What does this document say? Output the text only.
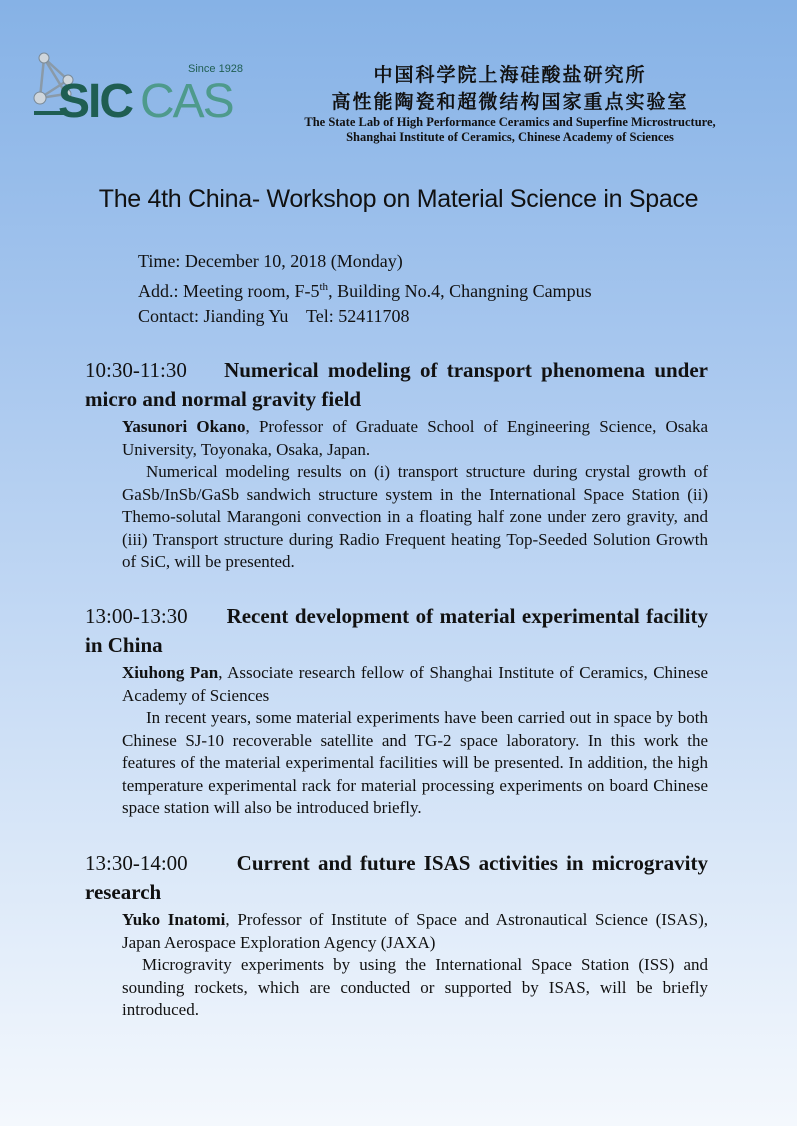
SIC CAS
Since 1928	中国科学院上海硅酸盐研究所
高性能陶瓷和超微结构国家重点实验室
The State Lab of High Performance Ceramics and Superfine Microstructure,
Shanghai Institute of Ceramics, Chinese Academy of Sciences
The 4th China- Workshop on Material Science in Space
Time: December 10, 2018 (Monday)
Add.: Meeting room, F-5th, Building No.4, Changning Campus
Contact: Jianding Yu    Tel: 52411708
10:30-11:30 Numerical modeling of transport phenomena under micro and normal gravity field
Yasunori Okano, Professor of Graduate School of Engineering Science, Osaka University, Toyonaka, Osaka, Japan.
Numerical modeling results on (i) transport structure during crystal growth of GaSb/InSb/GaSb sandwich structure system in the International Space Station (ii) Themo-solutal Marangoni convection in a floating half zone under zero gravity, and (iii) Transport structure during Radio Frequent heating Top-Seeded Solution Growth of SiC, will be presented.
13:00-13:30 Recent development of material experimental facility in China
Xiuhong Pan, Associate research fellow of Shanghai Institute of Ceramics, Chinese Academy of Sciences
In recent years, some material experiments have been carried out in space by both Chinese SJ-10 recoverable satellite and TG-2 space laboratory. In this work the features of the material experimental facilities will be presented. In addition, the high temperature experimental rack for material processing experiments on board Chinese space station will also be introduced briefly.
13:30-14:00 Current and future ISAS activities in microgravity research
Yuko Inatomi, Professor of Institute of Space and Astronautical Science (ISAS), Japan Aerospace Exploration Agency (JAXA)
Microgravity experiments by using the International Space Station (ISS) and sounding rockets, which are conducted or supported by ISAS, will be briefly introduced.
